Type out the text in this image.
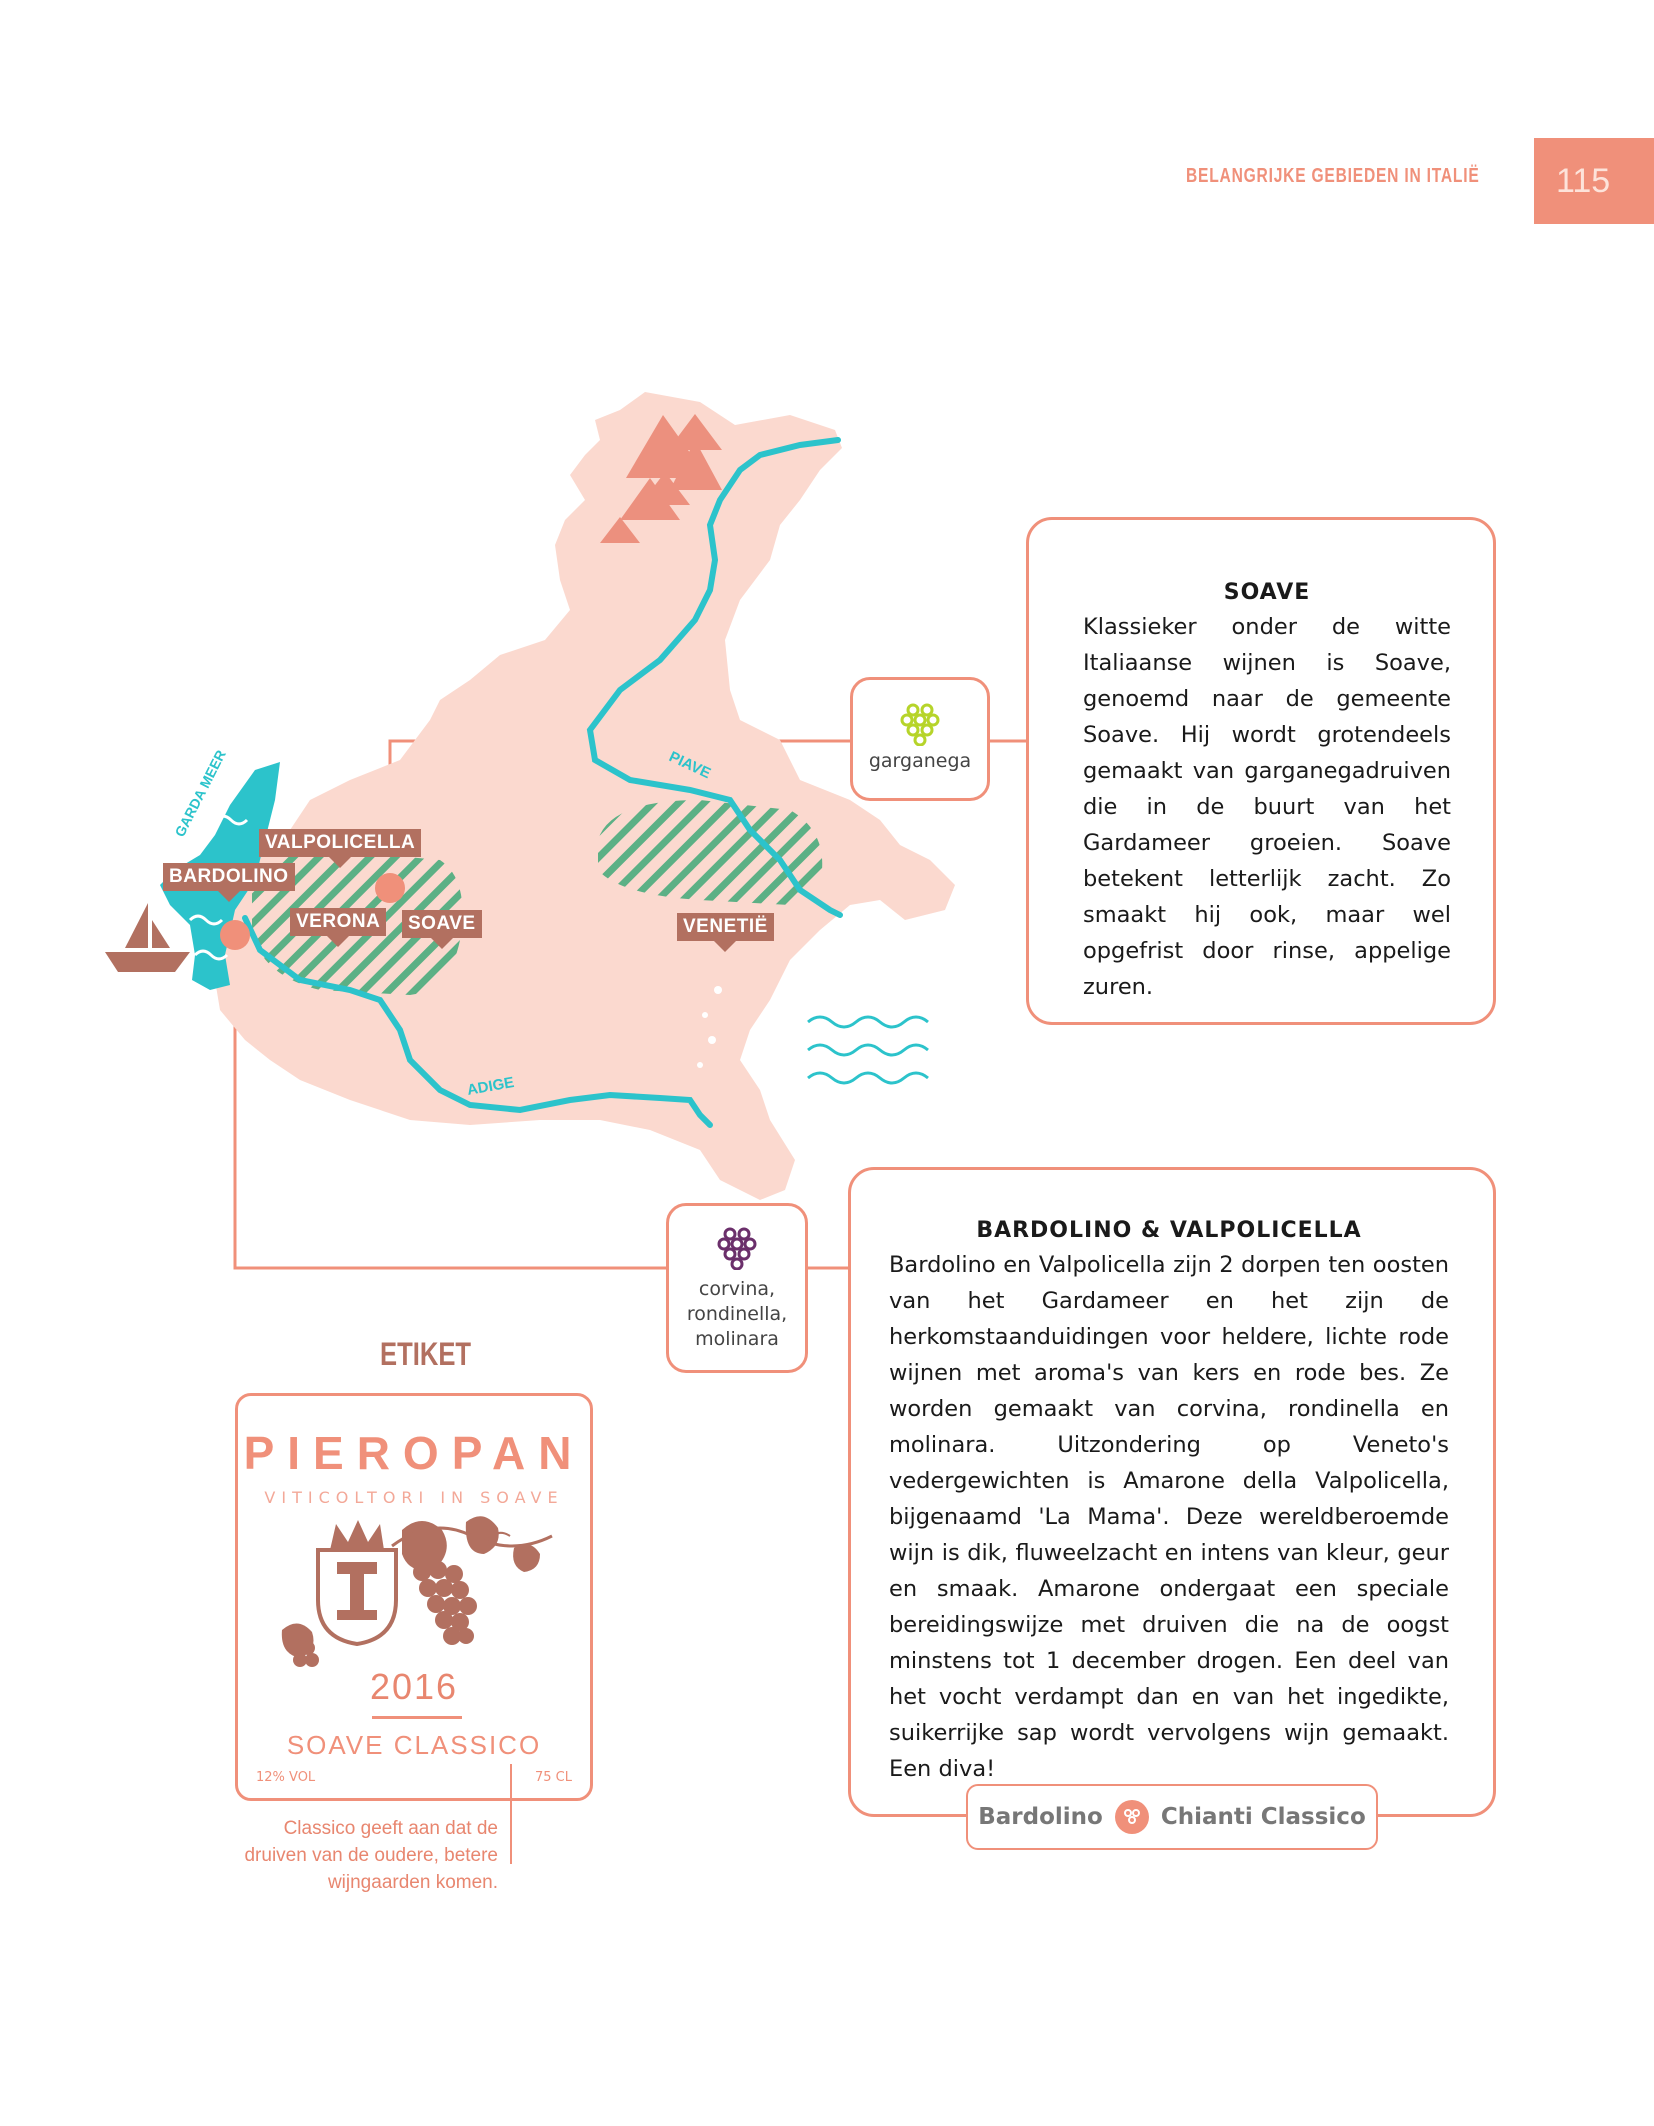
BELANGRIJKE GEBIEDEN IN ITALIË	115
GARDA MEER	PIAVE
ADIGE
VALPOLICELLA
BARDOLINO
VERONA	SOAVE	VENETIË
garganega
SOAVE

Klassieker onder de witte Italiaanse wijnen is Soave, genoemd naar de gemeente Soave. Hij wordt grotendeels gemaakt van garganegadruiven die in de buurt van het Gardameer groeien. Soave betekent letterlijk zacht. Zo smaakt hij ook, maar wel opgefrist door rinse, appelige zuren.

corvina,
rondinella,
molinara
BARDOLINO & VALPOLICELLA

Bardolino en Valpolicella zijn 2 dorpen ten oosten van het Gardameer en het zijn de herkomstaanduidingen voor heldere, lichte rode wijnen met aroma's van kers en rode bes. Ze worden gemaakt van corvina, rondinella en molinara. Uitzondering op Veneto's vedergewichten is Amarone della Valpolicella, bijgenaamd 'La Mama'. Deze wereldberoemde wijn is dik, fluweelzacht en intens van kleur, geur en smaak. Amarone ondergaat een speciale bereidingswijze met druiven die na de oogst minstens tot 1 december drogen. Een deel van het vocht verdampt dan en van het ingedikte, suikerrijke sap wordt vervolgens wijn gemaakt. Een diva!

Bardolino	Chianti Classico
ETIKET
PIEROPAN
VITICOLTORI IN SOAVE
2016
SOAVE CLASSICO
12% VOL	75 CL
Classico geeft aan dat de druiven van de oudere, betere wijngaarden komen.
